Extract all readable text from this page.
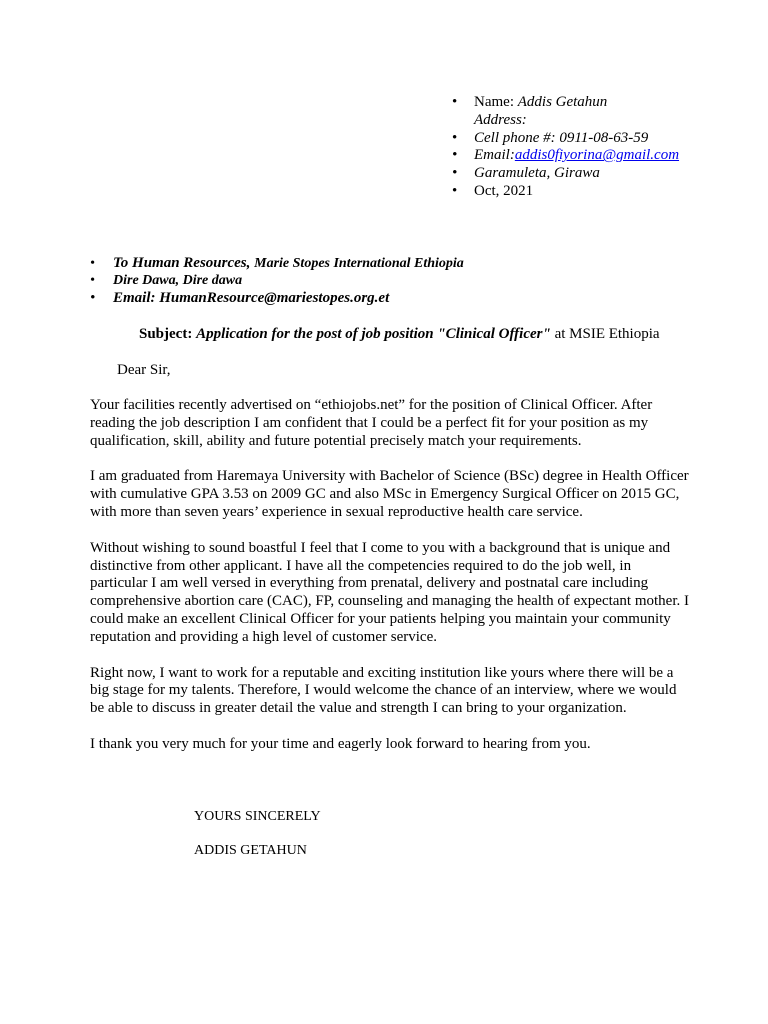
•	Name: Addis Getahun
Address:
•	Cell phone #: 0911-08-63-59
•	Email:addis0fiyorina@gmail.com
•	Garamuleta, Girawa
•	Oct, 2021
•	To Human Resources, Marie Stopes International Ethiopia
•	Dire Dawa, Dire dawa
•	Email: HumanResource@mariestopes.org.et
Subject: Application for the post of job position "Clinical Officer" at MSIE Ethiopia
Dear Sir,

Your facilities recently advertised on “ethiojobs.net” for the position of Clinical Officer. After reading the job description I am confident that I could be a perfect fit for your position as my qualification, skill, ability and future potential precisely match your requirements.

I am graduated from Haremaya University with Bachelor of Science (BSc) degree in Health Officer with cumulative GPA 3.53 on 2009 GC and also MSc in Emergency Surgical Officer on 2015 GC, with more than seven years’ experience in sexual reproductive health care service.

Without wishing to sound boastful I feel that I come to you with a background that is unique and distinctive from other applicant. I have all the competencies required to do the job well, in particular I am well versed in everything from prenatal, delivery and postnatal care including comprehensive abortion care (CAC), FP, counseling and managing the health of expectant mother. I could make an excellent Clinical Officer for your patients helping you maintain your community reputation and providing a high level of customer service.

Right now, I want to work for a reputable and exciting institution like yours where there will be a big stage for my talents. Therefore, I would welcome the chance of an interview, where we would be able to discuss in greater detail the value and strength I can bring to your organization.

I thank you very much for your time and eagerly look forward to hearing from you.

YOURS SINCERELY
ADDIS GETAHUN
